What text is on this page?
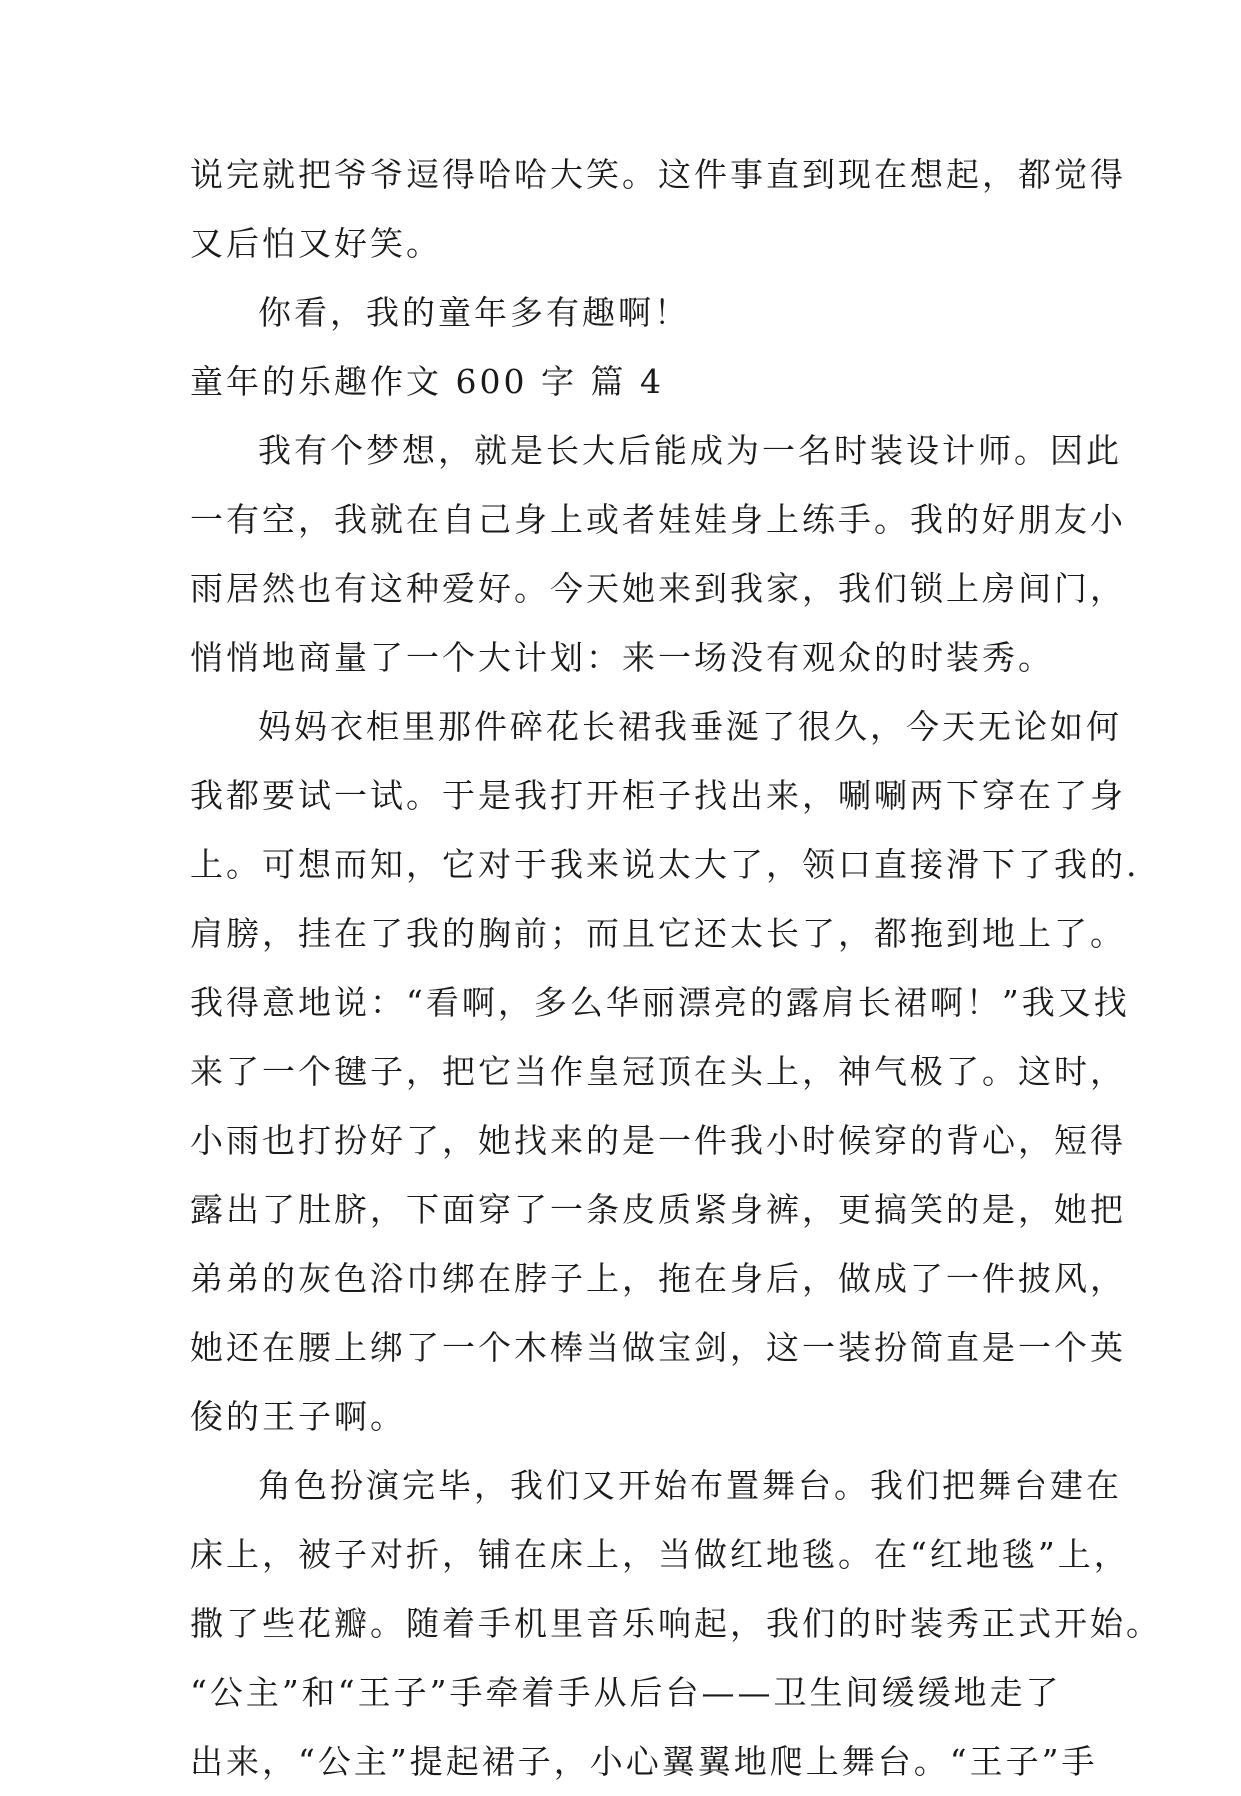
说完就把爷爷逗得哈哈大笑。这件事直到现在想起，都觉得
又后怕又好笑。
你看，我的童年多有趣啊！
童年的乐趣作文 600 字 篇 4
我有个梦想，就是长大后能成为一名时装设计师。因此
一有空，我就在自己身上或者娃娃身上练手。我的好朋友小
雨居然也有这种爱好。今天她来到我家，我们锁上房间门，
悄悄地商量了一个大计划：来一场没有观众的时装秀。
妈妈衣柜里那件碎花长裙我垂涎了很久，今天无论如何
我都要试一试。于是我打开柜子找出来，唰唰两下穿在了身
上。可想而知，它对于我来说太大了，领口直接滑下了我的.
肩膀，挂在了我的胸前；而且它还太长了，都拖到地上了。
我得意地说：“看啊，多么华丽漂亮的露肩长裙啊！”我又找
来了一个毽子，把它当作皇冠顶在头上，神气极了。这时，
小雨也打扮好了，她找来的是一件我小时候穿的背心，短得
露出了肚脐，下面穿了一条皮质紧身裤，更搞笑的是，她把
弟弟的灰色浴巾绑在脖子上，拖在身后，做成了一件披风，
她还在腰上绑了一个木棒当做宝剑，这一装扮简直是一个英
俊的王子啊。
角色扮演完毕，我们又开始布置舞台。我们把舞台建在
床上，被子对折，铺在床上，当做红地毯。在“红地毯”上，
撒了些花瓣。随着手机里音乐响起，我们的时装秀正式开始。
“公主”和“王子”手牵着手从后台——卫生间缓缓地走了
出来，“公主”提起裙子，小心翼翼地爬上舞台。“王子”手
